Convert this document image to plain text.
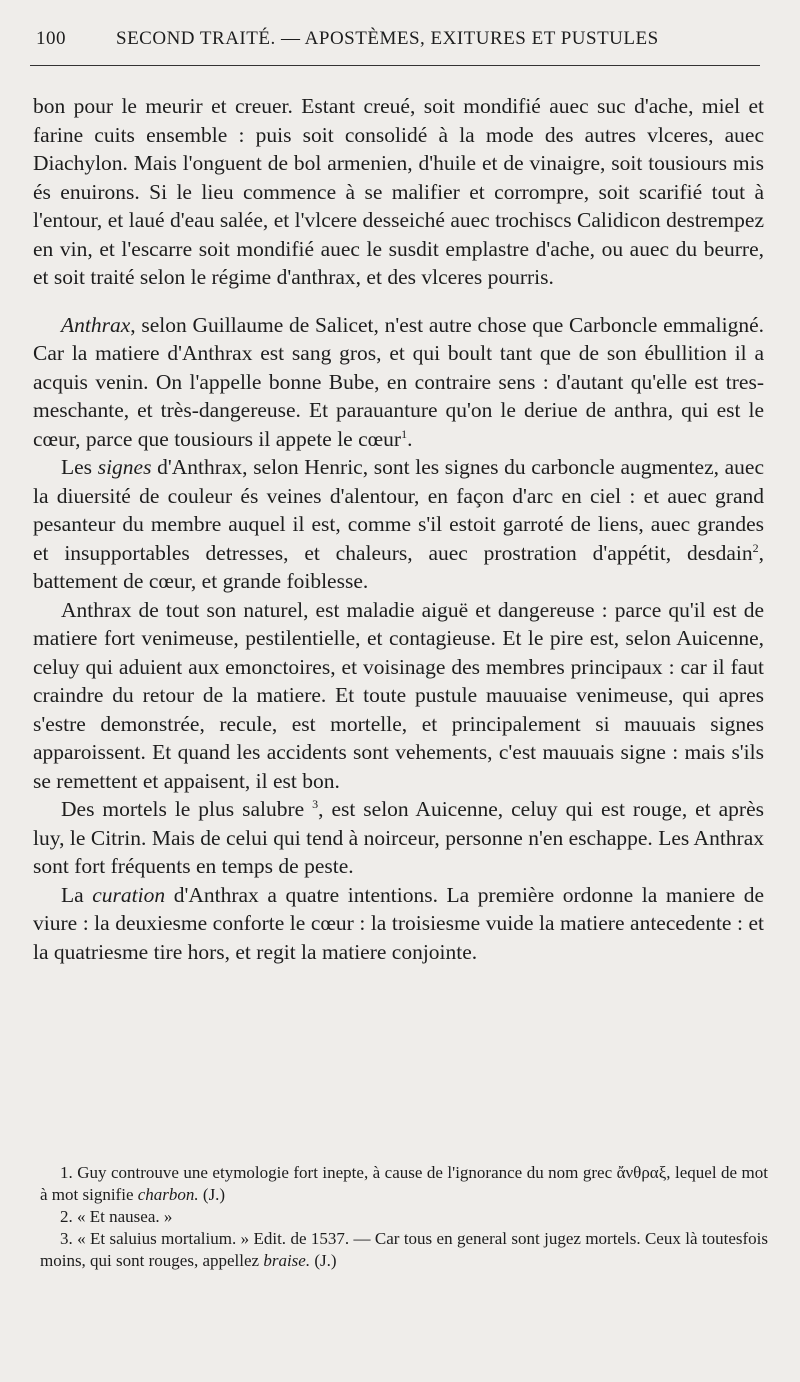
100	SECOND TRAITÉ. — APOSTÈMES, EXITURES ET PUSTULES

bon pour le meurir et creuer. Estant creué, soit mondifié auec suc d'ache, miel et farine cuits ensemble : puis soit consolidé à la mode des autres vlceres, auec Diachylon. Mais l'onguent de bol armenien, d'huile et de vinaigre, soit tousiours mis és enuirons. Si le lieu commence à se malifier et corrompre, soit scarifié tout à l'entour, et laué d'eau salée, et l'vlcere desseiché auec trochiscs Calidicon destrempez en vin, et l'escarre soit mondifié auec le susdit emplastre d'ache, ou auec du beurre, et soit traité selon le régime d'anthrax, et des vlceres pourris.

Anthrax, selon Guillaume de Salicet, n'est autre chose que Carboncle emmaligné. Car la matiere d'Anthrax est sang gros, et qui boult tant que de son ébullition il a acquis venin. On l'appelle bonne Bube, en contraire sens : d'autant qu'elle est tres-meschante, et très-dangereuse. Et parauanture qu'on le deriue de anthra, qui est le cœur, parce que tousiours il appete le cœur$^1$.

Les signes d'Anthrax, selon Henric, sont les signes du carboncle augmentez, auec la diuersité de couleur és veines d'alentour, en façon d'arc en ciel : et auec grand pesanteur du membre auquel il est, comme s'il estoit garroté de liens, auec grandes et insupportables detresses, et chaleurs, auec prostration d'appétit, desdain$^2$, battement de cœur, et grande foiblesse.

Anthrax de tout son naturel, est maladie aiguë et dangereuse : parce qu'il est de matiere fort venimeuse, pestilentielle, et contagieuse. Et le pire est, selon Auicenne, celuy qui aduient aux emonctoires, et voisinage des membres principaux : car il faut craindre du retour de la matiere. Et toute pustule mauuaise venimeuse, qui apres s'estre demonstrée, recule, est mortelle, et principalement si mauuais signes apparoissent. Et quand les accidents sont vehements, c'est mauuais signe : mais s'ils se remettent et appaisent, il est bon.

Des mortels le plus salubre $^3$, est selon Auicenne, celuy qui est rouge, et après luy, le Citrin. Mais de celui qui tend à noirceur, personne n'en eschappe. Les Anthrax sont fort fréquents en temps de peste.

La curation d'Anthrax a quatre intentions. La première ordonne la maniere de viure : la deuxiesme conforte le cœur : la troisiesme vuide la matiere antecedente : et la quatriesme tire hors, et regit la matiere conjointe.

1. Guy controuve une etymologie fort inepte, à cause de l'ignorance du nom grec ἄνθραξ, lequel de mot à mot signifie charbon. (J.)

2. « Et nausea. »

3. « Et saluius mortalium. » Edit. de 1537. — Car tous en general sont jugez mortels. Ceux là toutesfois moins, qui sont rouges, appellez braise. (J.)
